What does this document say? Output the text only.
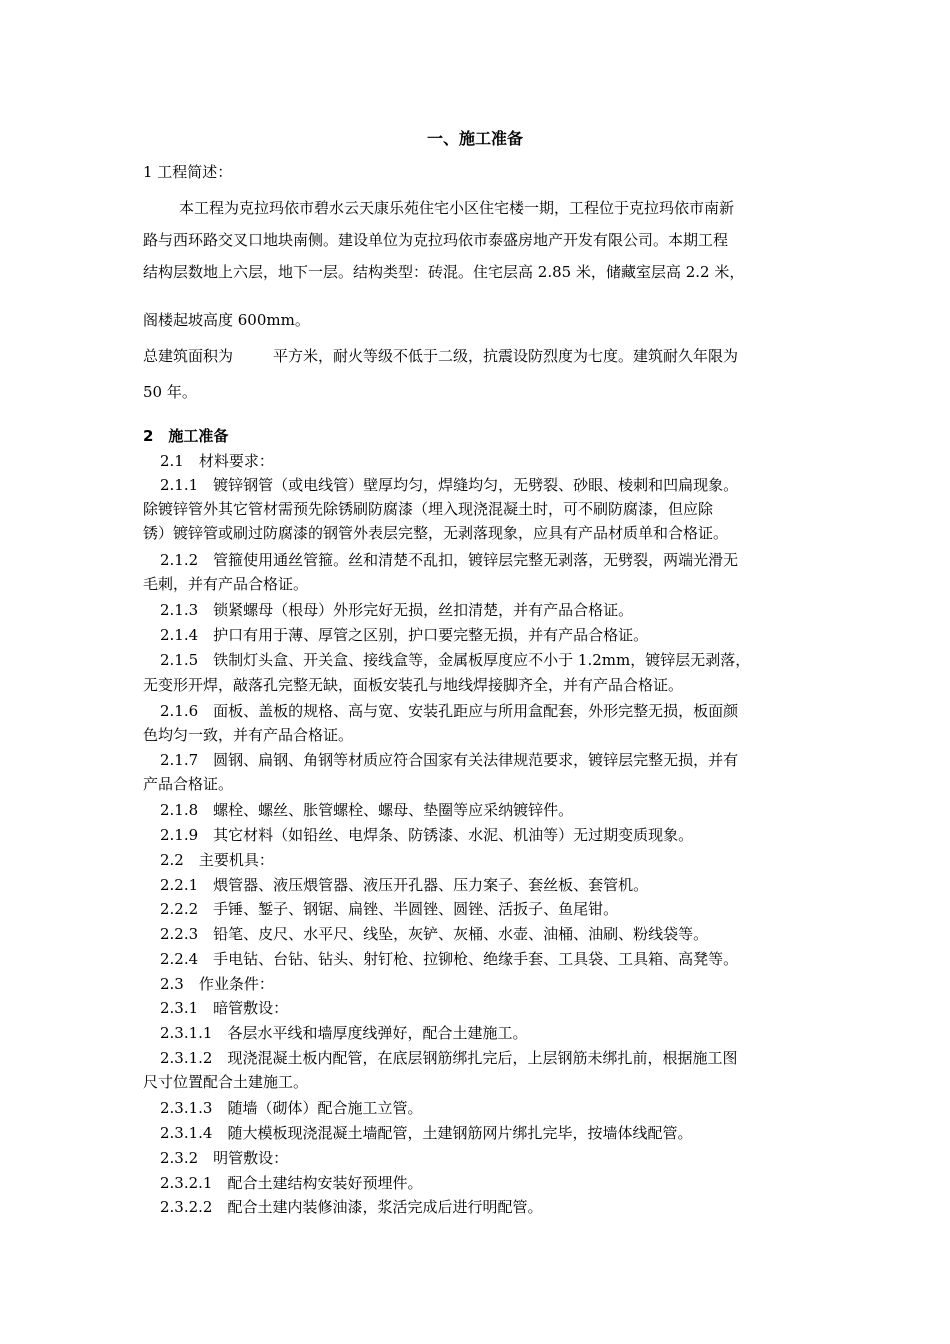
一、施工准备
1 工程简述：
本工程为克拉玛依市碧水云天康乐苑住宅小区住宅楼一期，工程位于克拉玛依市南新
路与西环路交叉口地块南侧。建设单位为克拉玛依市泰盛房地产开发有限公司。本期工程
结构层数地上六层，地下一层。结构类型：砖混。住宅层高 2.85 米，储藏室层高 2.2 米，
阁楼起坡高度 600mm。
总建筑面积为	平方米，耐火等级不低于二级，抗震设防烈度为七度。建筑耐久年限为
50 年。
2　施工准备
2.1　材料要求：
2.1.1　镀锌钢管（或电线管）壁厚均匀，焊缝均匀，无劈裂、砂眼、棱刺和凹扁现象。
除镀锌管外其它管材需预先除锈刷防腐漆（埋入现浇混凝土时，可不刷防腐漆，但应除
锈）镀锌管或刷过防腐漆的钢管外表层完整，无剥落现象，应具有产品材质单和合格证。
2.1.2　管箍使用通丝管箍。丝和清楚不乱扣，镀锌层完整无剥落，无劈裂，两端光滑无
毛刺，并有产品合格证。
2.1.3　锁紧螺母（根母）外形完好无损，丝扣清楚，并有产品合格证。
2.1.4　护口有用于薄、厚管之区别，护口要完整无损，并有产品合格证。
2.1.5　铁制灯头盒、开关盒、接线盒等，金属板厚度应不小于 1.2mm，镀锌层无剥落，
无变形开焊，敲落孔完整无缺，面板安装孔与地线焊接脚齐全，并有产品合格证。
2.1.6　面板、盖板的规格、高与宽、安装孔距应与所用盒配套，外形完整无损，板面颜
色均匀一致，并有产品合格证。
2.1.7　圆钢、扁钢、角钢等材质应符合国家有关法律规范要求，镀锌层完整无损，并有
产品合格证。
2.1.8　螺栓、螺丝、胀管螺栓、螺母、垫圈等应采纳镀锌件。
2.1.9　其它材料（如铅丝、电焊条、防锈漆、水泥、机油等）无过期变质现象。
2.2　主要机具：
2.2.1　煨管器、液压煨管器、液压开孔器、压力案子、套丝板、套管机。
2.2.2　手锤、錾子、钢锯、扁锉、半圆锉、圆锉、活扳子、鱼尾钳。
2.2.3　铅笔、皮尺、水平尺、线坠，灰铲、灰桶、水壶、油桶、油刷、粉线袋等。
2.2.4　手电钻、台钻、钻头、射钉枪、拉铆枪、绝缘手套、工具袋、工具箱、高凳等。
2.3　作业条件：
2.3.1　暗管敷设：
2.3.1.1　各层水平线和墙厚度线弹好，配合土建施工。
2.3.1.2　现浇混凝土板内配管，在底层钢筋绑扎完后，上层钢筋未绑扎前，根据施工图
尺寸位置配合土建施工。
2.3.1.3　随墙（砌体）配合施工立管。
2.3.1.4　随大模板现浇混凝土墙配管，土建钢筋网片绑扎完毕，按墙体线配管。
2.3.2　明管敷设：
2.3.2.1　配合土建结构安装好预埋件。
2.3.2.2　配合土建内装修油漆，浆活完成后进行明配管。
